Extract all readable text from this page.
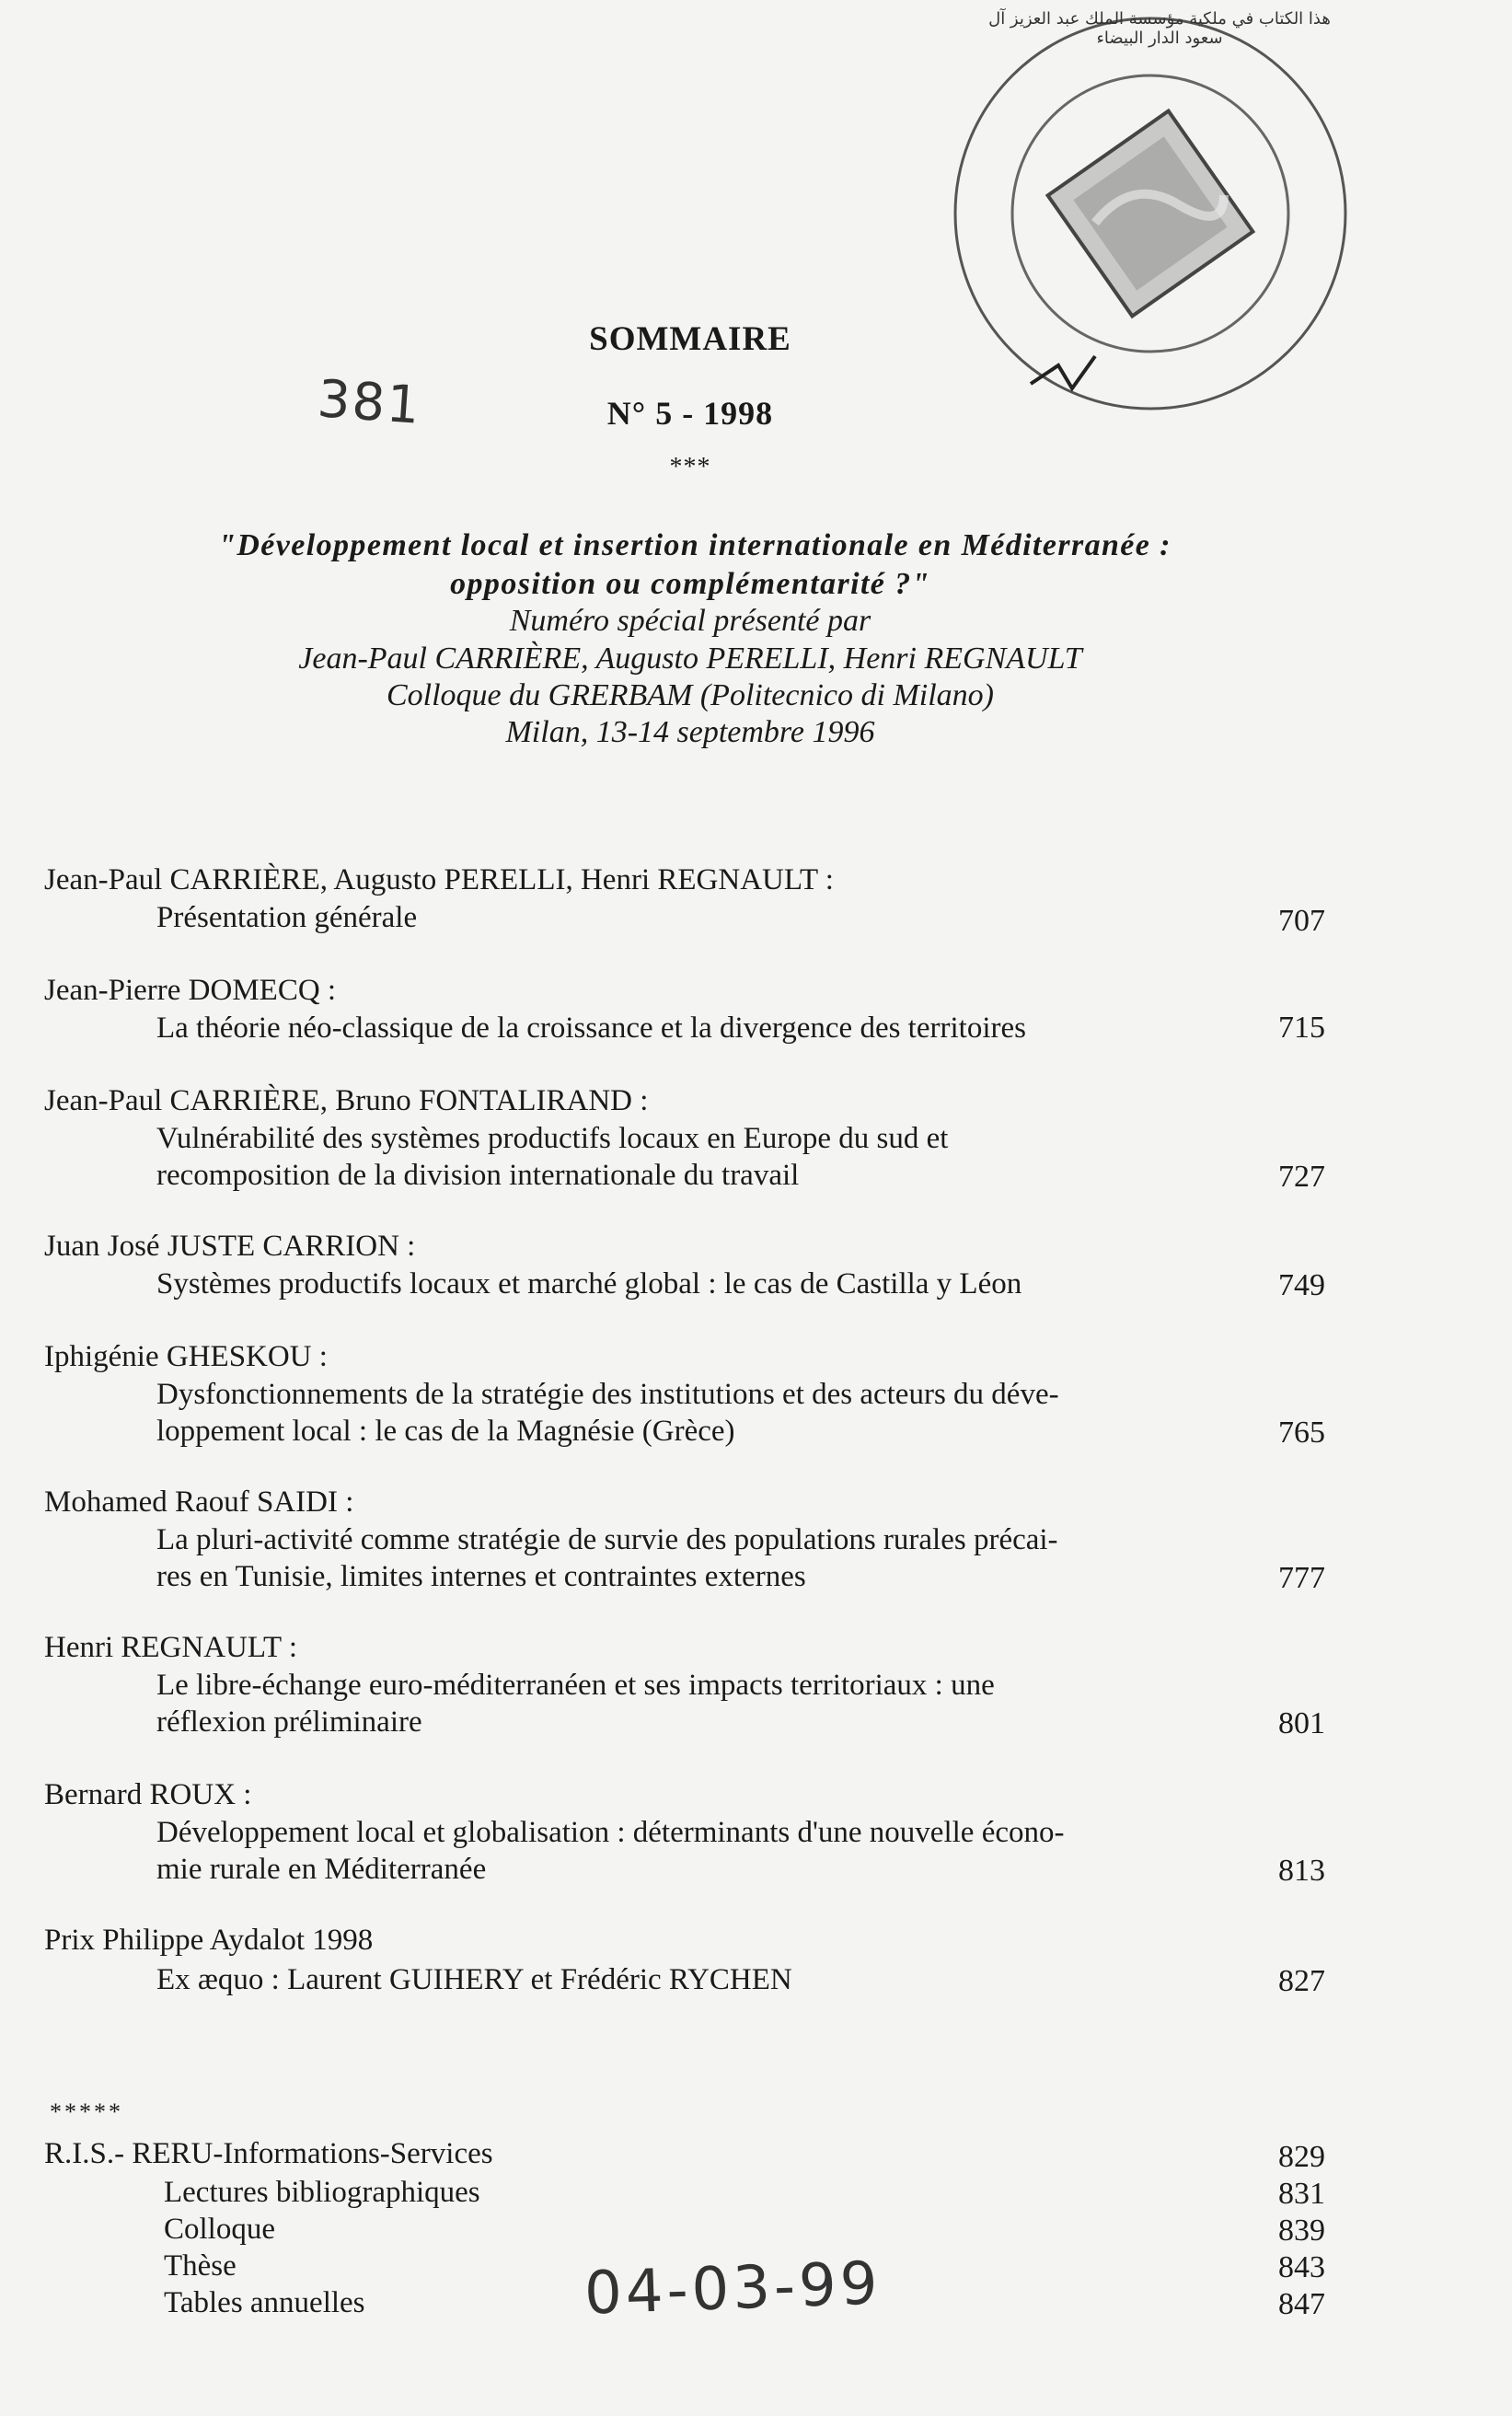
هذا الكتاب في ملكية مؤسسة الملك عبد العزيز آل سعود الدار البيضاء
381
SOMMAIRE
N° 5 - 1998
***
"Développement local et insertion internationale en Méditerranée :
opposition ou complémentarité ?"
Numéro spécial présenté par
Jean-Paul CARRIÈRE, Augusto PERELLI, Henri REGNAULT
Colloque du GRERBAM (Politecnico di Milano)
Milan, 13-14 septembre 1996
Jean-Paul CARRIÈRE, Augusto PERELLI, Henri REGNAULT :
Présentation générale	707
Jean-Pierre DOMECQ :
La théorie néo-classique de la croissance et la divergence des territoires	715
Jean-Paul CARRIÈRE, Bruno FONTALIRAND :
Vulnérabilité des systèmes productifs locaux en Europe du sud et
recomposition de la division internationale du travail	727
Juan José JUSTE CARRION :
Systèmes productifs locaux et marché global : le cas de Castilla y Léon	749
Iphigénie GHESKOU :
Dysfonctionnements de la stratégie des institutions et des acteurs du déve-
loppement local : le cas de la Magnésie (Grèce)	765
Mohamed Raouf SAIDI :
La pluri-activité comme stratégie de survie des populations rurales précai-
res en Tunisie, limites internes et contraintes externes	777
Henri REGNAULT :
Le libre-échange euro-méditerranéen et ses impacts territoriaux : une
réflexion préliminaire	801
Bernard ROUX :
Développement local et globalisation : déterminants d'une nouvelle écono-
mie rurale en Méditerranée	813
Prix Philippe Aydalot 1998
Ex æquo : Laurent GUIHERY et Frédéric RYCHEN	827
*****
R.I.S.- RERU-Informations-Services	829
Lectures bibliographiques	831
Colloque	839
Thèse	843
Tables annuelles	847
04-03-99
